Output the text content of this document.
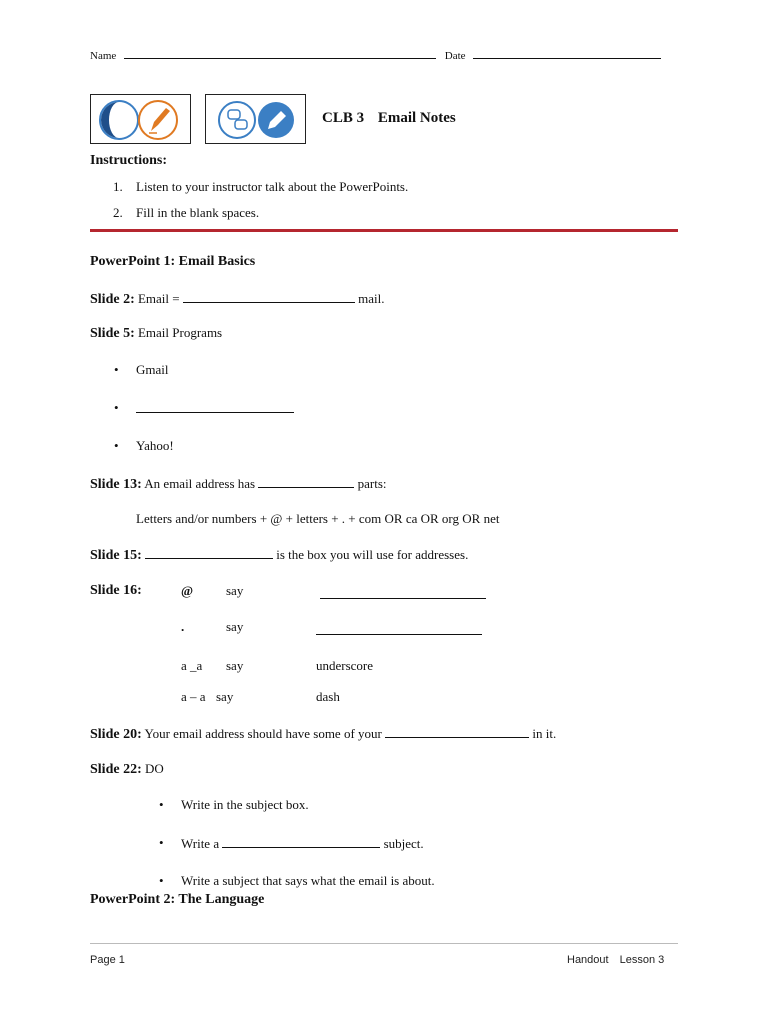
Name	Date
CLB 3 Email Notes
Instructions:
1. Listen to your instructor talk about the PowerPoints.
2. Fill in the blank spaces.
PowerPoint 1: Email Basics
Slide 2: Email =	mail.
Slide 5: Email Programs
• Gmail
•
• Yahoo!
Slide 13: An email address has	parts:
Letters and/or numbers + @ + letters + . + com OR ca OR org OR net
Slide 15:	is the box you will use for addresses.
Slide 16:	@	say
.	say
a _a say	underscore
a – a say	dash
Slide 20: Your email address should have some of your	in it.
Slide 22: DO
• Write in the subject box.
• Write a	subject.
• Write a subject that says what the email is about.
PowerPoint 2: The Language
Page 1	Handout Lesson 3
